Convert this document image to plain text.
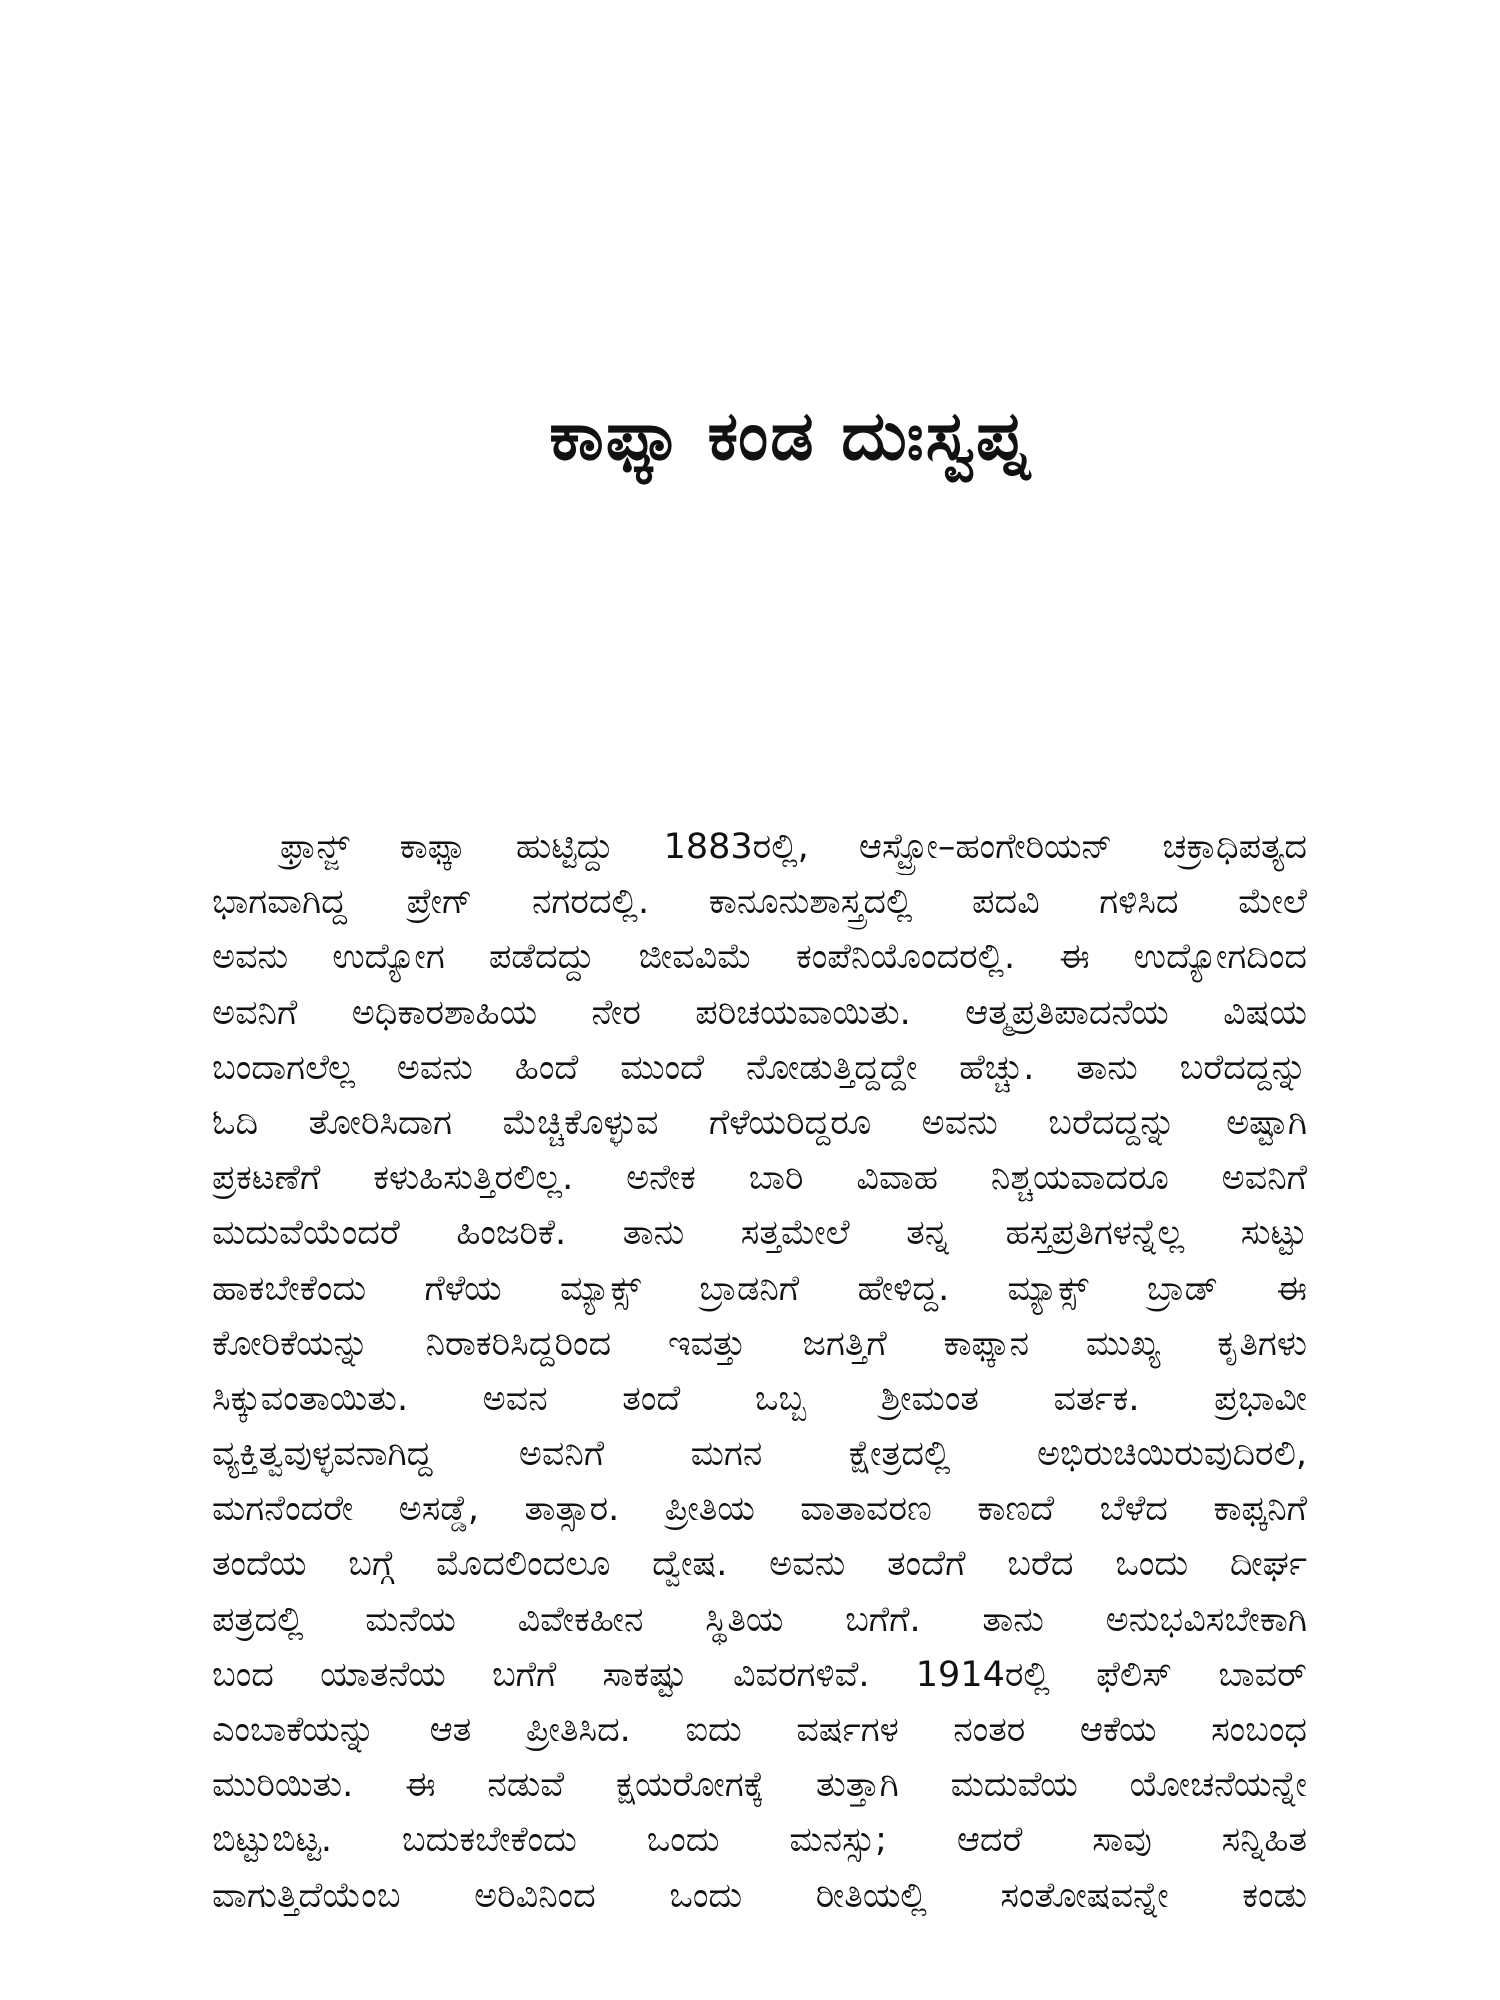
ಕಾಫ್ಕಾ ಕಂಡ ದುಃಸ್ವಪ್ನ
ಫ್ರಾನ್ಜ್ ಕಾಫ್ಕಾ ಹುಟ್ಟಿದ್ದು 1883ರಲ್ಲಿ, ಆಸ್ಟ್ರೋ–ಹಂಗೇರಿಯನ್ ಚಕ್ರಾಧಿಪತ್ಯದ
ಭಾಗವಾಗಿದ್ದ ಪ್ರೇಗ್ ನಗರದಲ್ಲಿ. ಕಾನೂನುಶಾಸ್ತ್ರದಲ್ಲಿ ಪದವಿ ಗಳಿಸಿದ ಮೇಲೆ
ಅವನು ಉದ್ಯೋಗ ಪಡೆದದ್ದು ಜೀವವಿಮೆ ಕಂಪೆನಿಯೊಂದರಲ್ಲಿ. ಈ ಉದ್ಯೋಗದಿಂದ
ಅವನಿಗೆ ಅಧಿಕಾರಶಾಹಿಯ ನೇರ ಪರಿಚಯವಾಯಿತು. ಆತ್ಮಪ್ರತಿಪಾದನೆಯ ವಿಷಯ
ಬಂದಾಗಲೆಲ್ಲ ಅವನು ಹಿಂದೆ ಮುಂದೆ ನೋಡುತ್ತಿದ್ದದ್ದೇ ಹೆಚ್ಚು. ತಾನು ಬರೆದದ್ದನ್ನು
ಓದಿ ತೋರಿಸಿದಾಗ ಮೆಚ್ಚಿಕೊಳ್ಳುವ ಗೆಳೆಯರಿದ್ದರೂ ಅವನು ಬರೆದದ್ದನ್ನು ಅಷ್ಟಾಗಿ
ಪ್ರಕಟಣೆಗೆ ಕಳುಹಿಸುತ್ತಿರಲಿಲ್ಲ. ಅನೇಕ ಬಾರಿ ವಿವಾಹ ನಿಶ್ಚಯವಾದರೂ ಅವನಿಗೆ
ಮದುವೆಯೆಂದರೆ ಹಿಂಜರಿಕೆ. ತಾನು ಸತ್ತಮೇಲೆ ತನ್ನ ಹಸ್ತಪ್ರತಿಗಳನ್ನೆಲ್ಲ ಸುಟ್ಟು
ಹಾಕಬೇಕೆಂದು ಗೆಳೆಯ ಮ್ಯಾಕ್ಸ್ ಬ್ರಾಡನಿಗೆ ಹೇಳಿದ್ದ. ಮ್ಯಾಕ್ಸ್ ಬ್ರಾಡ್ ಈ
ಕೋರಿಕೆಯನ್ನು ನಿರಾಕರಿಸಿದ್ದರಿಂದ ಇವತ್ತು ಜಗತ್ತಿಗೆ ಕಾಫ್ಕಾನ ಮುಖ್ಯ ಕೃತಿಗಳು
ಸಿಕ್ಕುವಂತಾಯಿತು. ಅವನ ತಂದೆ ಒಬ್ಬ ಶ್ರೀಮಂತ ವರ್ತಕ. ಪ್ರಭಾವೀ
ವ್ಯಕ್ತಿತ್ವವುಳ್ಳವನಾಗಿದ್ದ ಅವನಿಗೆ ಮಗನ ಕ್ಷೇತ್ರದಲ್ಲಿ ಅಭಿರುಚಿಯಿರುವುದಿರಲಿ,
ಮಗನೆಂದರೇ ಅಸಡ್ಡೆ, ತಾತ್ಸಾರ. ಪ್ರೀತಿಯ ವಾತಾವರಣ ಕಾಣದೆ ಬೆಳೆದ ಕಾಫ್ಕನಿಗೆ
ತಂದೆಯ ಬಗ್ಗೆ ಮೊದಲಿಂದಲೂ ದ್ವೇಷ. ಅವನು ತಂದೆಗೆ ಬರೆದ ಒಂದು ದೀರ್ಘ
ಪತ್ರದಲ್ಲಿ ಮನೆಯ ವಿವೇಕಹೀನ ಸ್ಥಿತಿಯ ಬಗೆಗೆ. ತಾನು ಅನುಭವಿಸಬೇಕಾಗಿ
ಬಂದ ಯಾತನೆಯ ಬಗೆಗೆ ಸಾಕಷ್ಟು ವಿವರಗಳಿವೆ. 1914ರಲ್ಲಿ ಫೆಲಿಸ್ ಬಾವರ್
ಎಂಬಾಕೆಯನ್ನು ಆತ ಪ್ರೀತಿಸಿದ. ಐದು ವರ್ಷಗಳ ನಂತರ ಆಕೆಯ ಸಂಬಂಧ
ಮುರಿಯಿತು. ಈ ನಡುವೆ ಕ್ಷಯರೋಗಕ್ಕೆ ತುತ್ತಾಗಿ ಮದುವೆಯ ಯೋಚನೆಯನ್ನೇ
ಬಿಟ್ಟುಬಿಟ್ಟ. ಬದುಕಬೇಕೆಂದು ಒಂದು ಮನಸ್ಸು; ಆದರೆ ಸಾವು ಸನ್ನಿಹಿತ
ವಾಗುತ್ತಿದೆಯೆಂಬ ಅರಿವಿನಿಂದ ಒಂದು ರೀತಿಯಲ್ಲಿ ಸಂತೋಷವನ್ನೇ ಕಂಡು
